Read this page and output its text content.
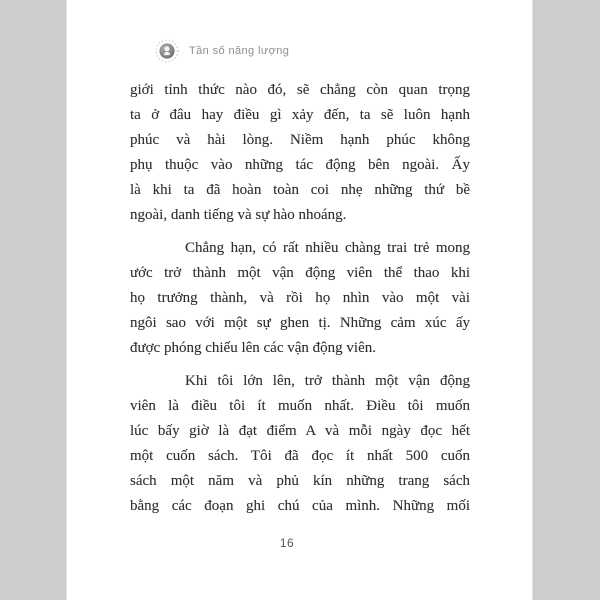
Tần số năng lượng
giới tỉnh thức nào đó, sẽ chẳng còn quan trọng
ta ở đâu hay điều gì xảy đến, ta sẽ luôn hạnh
phúc và hài lòng. Niềm hạnh phúc không
phụ thuộc vào những tác động bên ngoài. Ấy
là khi ta đã hoàn toàn coi nhẹ những thứ bề
ngoài, danh tiếng và sự hào nhoáng.
Chẳng hạn, có rất nhiều chàng trai trẻ mong
ước trở thành một vận động viên thể thao khi
họ trưởng thành, và rồi họ nhìn vào một vài
ngôi sao với một sự ghen tị. Những cảm xúc ấy
được phóng chiếu lên các vận động viên.
Khi tôi lớn lên, trở thành một vận động
viên là điều tôi ít muốn nhất. Điều tôi muốn
lúc bấy giờ là đạt điểm A và mỗi ngày đọc hết
một cuốn sách. Tôi đã đọc ít nhất 500 cuốn
sách một năm và phủ kín những trang sách
bằng các đoạn ghi chú của mình. Những mối
16
